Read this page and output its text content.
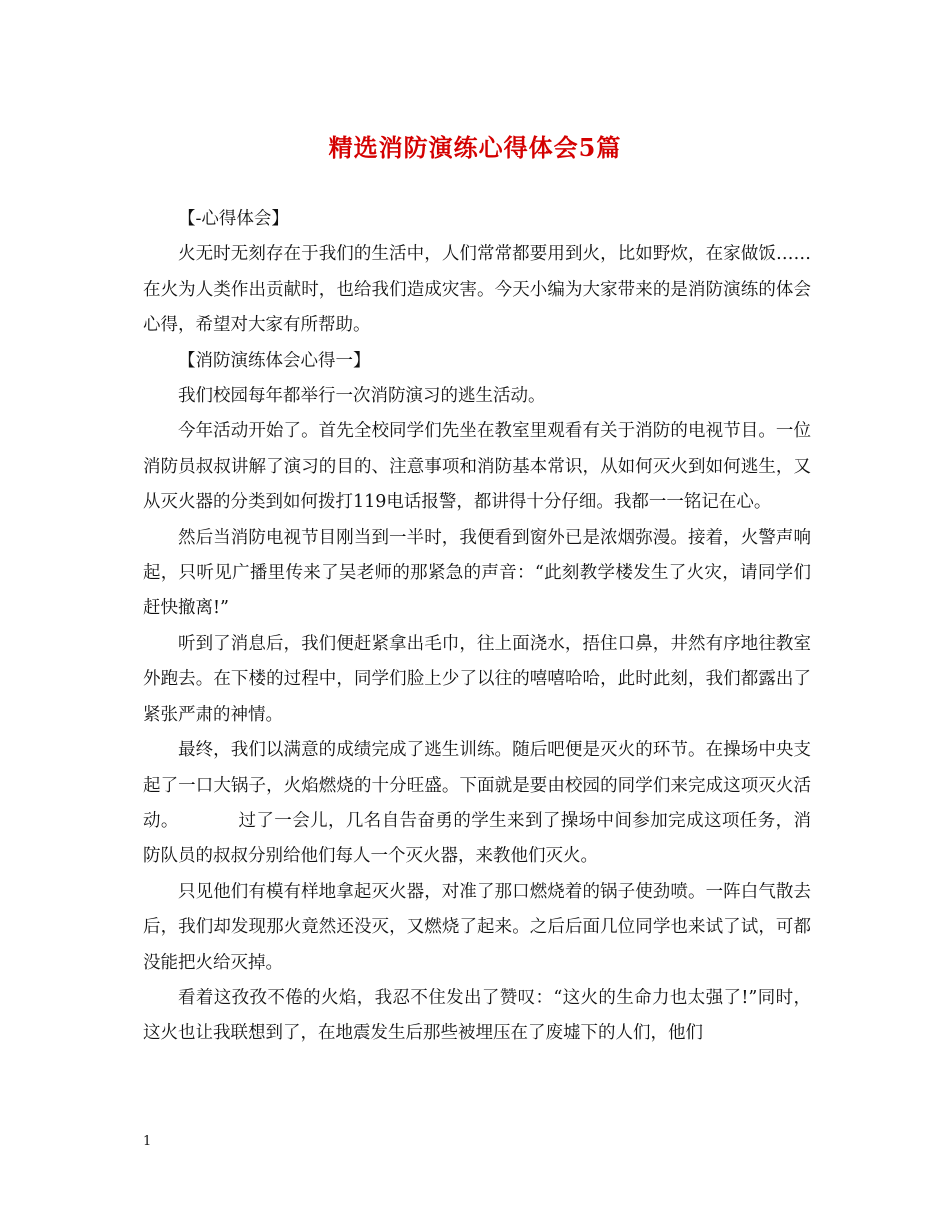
精选消防演练心得体会5篇

【-心得体会】

火无时无刻存在于我们的生活中，人们常常都要用到火，比如野炊，在家做饭……在火为人类作出贡献时，也给我们造成灾害。今天小编为大家带来的是消防演练的体会心得，希望对大家有所帮助。

【消防演练体会心得一】

我们校园每年都举行一次消防演习的逃生活动。

今年活动开始了。首先全校同学们先坐在教室里观看有关于消防的电视节目。一位消防员叔叔讲解了演习的目的、注意事项和消防基本常识，从如何灭火到如何逃生，又从灭火器的分类到如何拨打119电话报警，都讲得十分仔细。我都一一铭记在心。

然后当消防电视节目刚当到一半时，我便看到窗外已是浓烟弥漫。接着，火警声响起，只听见广播里传来了吴老师的那紧急的声音：“此刻教学楼发生了火灾，请同学们赶快撤离!”

听到了消息后，我们便赶紧拿出毛巾，往上面浇水，捂住口鼻，井然有序地往教室外跑去。在下楼的过程中，同学们脸上少了以往的嘻嘻哈哈，此时此刻，我们都露出了紧张严肃的神情。

最终，我们以满意的成绩完成了逃生训练。随后吧便是灭火的环节。在操场中央支起了一口大锅子，火焰燃烧的十分旺盛。下面就是要由校园的同学们来完成这项灭火活动。          过了一会儿，几名自告奋勇的学生来到了操场中间参加完成这项任务，消防队员的叔叔分别给他们每人一个灭火器，来教他们灭火。

只见他们有模有样地拿起灭火器，对准了那口燃烧着的锅子使劲喷。一阵白气散去后，我们却发现那火竟然还没灭，又燃烧了起来。之后后面几位同学也来试了试，可都没能把火给灭掉。

看着这孜孜不倦的火焰，我忍不住发出了赞叹：“这火的生命力也太强了!”同时，这火也让我联想到了，在地震发生后那些被埋压在了废墟下的人们，他们

1
